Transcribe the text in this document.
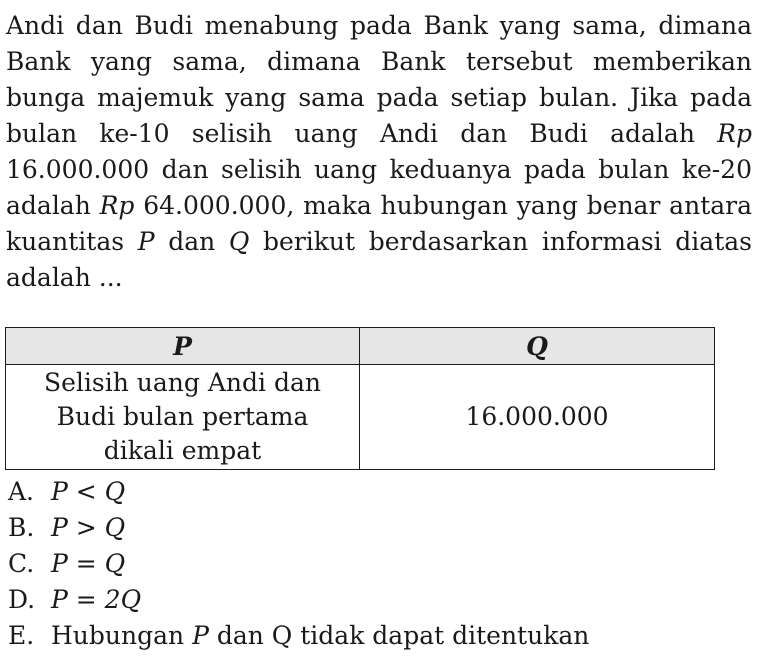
Andi dan Budi menabung pada Bank yang sama, dimana Bank yang sama, dimana Bank tersebut memberikan bunga majemuk yang sama pada setiap bulan. Jika pada bulan ke-10 selisih uang Andi dan Budi adalah Rp 16.000.000 dan selisih uang keduanya pada bulan ke-20 adalah Rp 64.000.000, maka hubungan yang benar antara kuantitas P dan Q berikut berdasarkan informasi diatas adalah ...

P	Q

Selisih uang Andi dan Budi bulan pertama dikali empat	16.000.000
A. P < Q
B. P > Q
C. P = Q
D. P = 2Q
E. Hubungan P dan Q tidak dapat ditentukan
